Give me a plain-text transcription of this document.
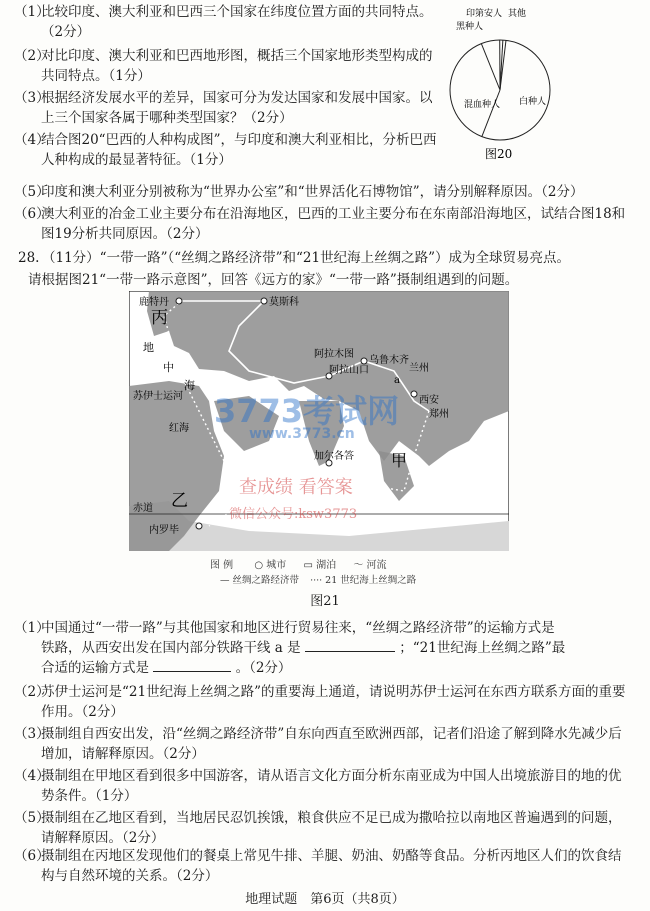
（1）
比较印度、澳大利亚和巴西三个国家在纬度位置方面的共同特点。（2分）
（2）
对比印度、澳大利亚和巴西地形图，概括三个国家地形类型构成的共同特点。（1分）
（3）
根据经济发展水平的差异，国家可分为发达国家和发展中国家。以上三个国家各属于哪种类型国家？（2分）
（4）
结合图20“巴西的人种构成图”，与印度和澳大利亚相比，分析巴西人种构成的最显著特征。（1分）
（5）
印度和澳大利亚分别被称为“世界办公室”和“世界活化石博物馆”，请分别解释原因。（2分）
（6）
澳大利亚的冶金工业主要分布在沿海地区，巴西的工业主要分布在东南部沿海地区，试结合图18和图19分析共同原因。（2分）
印第安人
黑种人
其他
混血种人 白种人
图20
28. （11分）“一带一路”（“丝绸之路经济带”和“21世纪海上丝绸之路”）成为全球贸易亮点。
请根据图21“一带一路示意图”，回答《远方的家》“一带一路”摄制组遇到的问题。
鹿特丹	莫斯科
丙
地
中
海
苏伊士运河
红海
阿拉木图
乌鲁木齐
阿拉山口
a
兰州
西安
郑州
加尔各答 甲
乙
赤道
内罗毕
3773考试网
www.3773.cn
查成绩 看答案
微信公众号:ksw3773
图 例 ○ 城市 ▭ 湖泊 ～ 河流
— 丝绸之路经济带 ···· 21 世纪海上丝绸之路
图21
（1）
中国通过“一带一路”与其他国家和地区进行贸易往来，“丝绸之路经济带”的运输方式是
铁路，从西安出发在国内部分铁路干线 a 是	；“21世纪海上丝绸之路”最
合适的运输方式是	。（2分）
（2）
苏伊士运河是“21世纪海上丝绸之路”的重要海上通道，请说明苏伊士运河在东西方联系方面的重要作用。（2分）
（3）
摄制组自西安出发，沿“丝绸之路经济带”自东向西直至欧洲西部，记者们沿途了解到降水先减少后增加，请解释原因。（2分）
（4）
摄制组在甲地区看到很多中国游客，请从语言文化方面分析东南亚成为中国人出境旅游目的地的优势条件。（1分）
（5）
摄制组在乙地区看到，当地居民忍饥挨饿，粮食供应不足已成为撒哈拉以南地区普遍遇到的问题，请解释原因。（2分）
（6）
摄制组在丙地区发现他们的餐桌上常见牛排、羊腿、奶油、奶酪等食品。分析丙地区人们的饮食结构与自然环境的关系。（2分）
地理试题　第6页（共8页）
